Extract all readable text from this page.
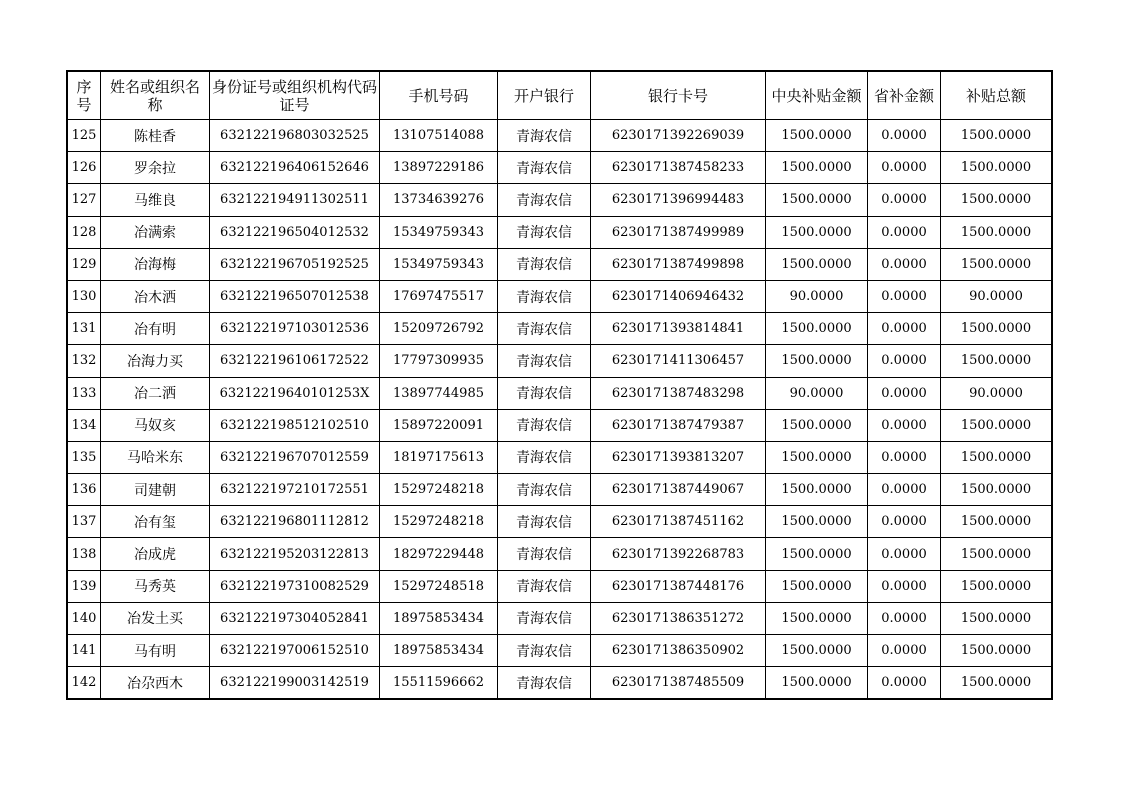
序号	姓名或组织名称	身份证号或组织机构代码证号	手机号码	开户银行	银行卡号	中央补贴金额	省补金额	补贴总额
125	陈桂香	632122196803032525	13107514088	青海农信	6230171392269039	1500.0000	0.0000	1500.0000
126	罗余拉	632122196406152646	13897229186	青海农信	6230171387458233	1500.0000	0.0000	1500.0000
127	马维良	632122194911302511	13734639276	青海农信	6230171396994483	1500.0000	0.0000	1500.0000
128	冶满索	632122196504012532	15349759343	青海农信	6230171387499989	1500.0000	0.0000	1500.0000
129	冶海梅	632122196705192525	15349759343	青海农信	6230171387499898	1500.0000	0.0000	1500.0000
130	冶木洒	632122196507012538	17697475517	青海农信	6230171406946432	90.0000	0.0000	90.0000
131	冶有明	632122197103012536	15209726792	青海农信	6230171393814841	1500.0000	0.0000	1500.0000
132	冶海力买	632122196106172522	17797309935	青海农信	6230171411306457	1500.0000	0.0000	1500.0000
133	冶二洒	63212219640101253X	13897744985	青海农信	6230171387483298	90.0000	0.0000	90.0000
134	马奴亥	632122198512102510	15897220091	青海农信	6230171387479387	1500.0000	0.0000	1500.0000
135	马哈米东	632122196707012559	18197175613	青海农信	6230171393813207	1500.0000	0.0000	1500.0000
136	司建朝	632122197210172551	15297248218	青海农信	6230171387449067	1500.0000	0.0000	1500.0000
137	冶有玺	632122196801112812	15297248218	青海农信	6230171387451162	1500.0000	0.0000	1500.0000
138	冶成虎	632122195203122813	18297229448	青海农信	6230171392268783	1500.0000	0.0000	1500.0000
139	马秀英	632122197310082529	15297248518	青海农信	6230171387448176	1500.0000	0.0000	1500.0000
140	冶发土买	632122197304052841	18975853434	青海农信	6230171386351272	1500.0000	0.0000	1500.0000
141	马有明	632122197006152510	18975853434	青海农信	6230171386350902	1500.0000	0.0000	1500.0000
142	冶尕西木	632122199003142519	15511596662	青海农信	6230171387485509	1500.0000	0.0000	1500.0000
